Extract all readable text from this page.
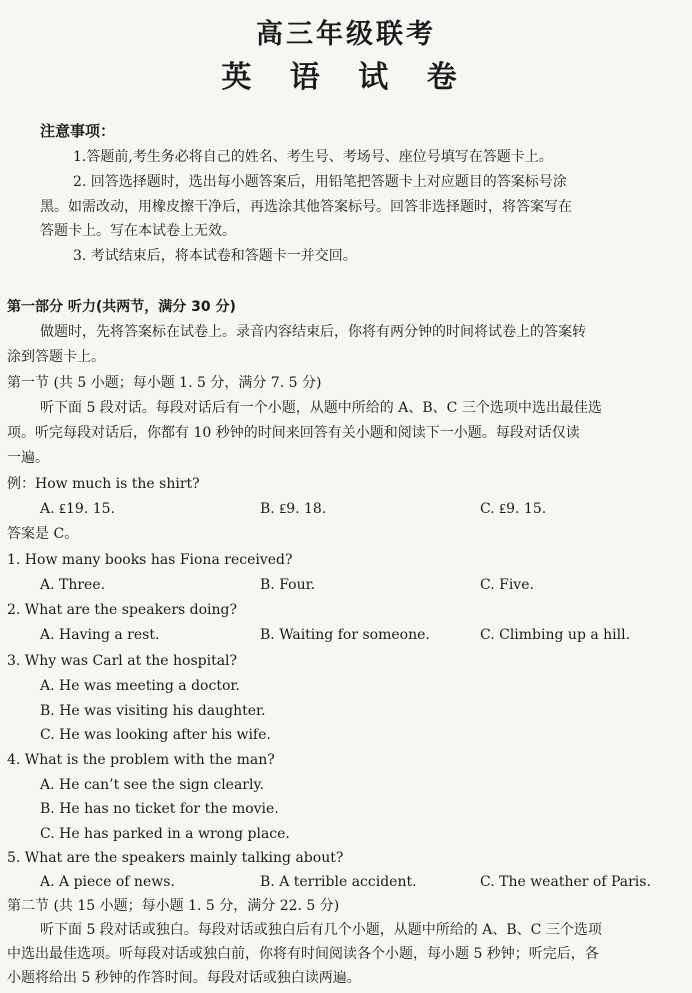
高三年级联考
英 语 试 卷
注意事项：
1.答题前,考生务必将自己的姓名、考生号、考场号、座位号填写在答题卡上。
2. 回答选择题时，选出每小题答案后，用铅笔把答题卡上对应题目的答案标号涂
黑。如需改动，用橡皮擦干净后，再选涂其他答案标号。回答非选择题时，将答案写在
答题卡上。写在本试卷上无效。
3. 考试结束后，将本试卷和答题卡一并交回。
第一部分 听力(共两节，满分 30 分)
做题时，先将答案标在试卷上。录音内容结束后，你将有两分钟的时间将试卷上的答案转
涂到答题卡上。
第一节 (共 5 小题；每小题 1. 5 分，满分 7. 5 分)
听下面 5 段对话。每段对话后有一个小题，从题中所给的 A、B、C 三个选项中选出最佳选
项。听完每段对话后，你都有 10 秒钟的时间来回答有关小题和阅读下一小题。每段对话仅读
一遍。
例：How much is the shirt?
A. ₤19. 15.	B. ₤9. 18.	C. ₤9. 15.
答案是 C。
1. How many books has Fiona received?
A. Three.	B. Four.	C. Five.
2. What are the speakers doing?
A. Having a rest.	B. Waiting for someone.	C. Climbing up a hill.
3. Why was Carl at the hospital?
A. He was meeting a doctor.
B. He was visiting his daughter.
C. He was looking after his wife.
4. What is the problem with the man?
A. He can’t see the sign clearly.
B. He has no ticket for the movie.
C. He has parked in a wrong place.
5. What are the speakers mainly talking about?
A. A piece of news.	B. A terrible accident.	C. The weather of Paris.
第二节 (共 15 小题；每小题 1. 5 分，满分 22. 5 分)
听下面 5 段对话或独白。每段对话或独白后有几个小题，从题中所给的 A、B、C 三个选项
中选出最佳选项。听每段对话或独白前，你将有时间阅读各个小题，每小题 5 秒钟；听完后，各
小题将给出 5 秒钟的作答时间。每段对话或独白读两遍。
